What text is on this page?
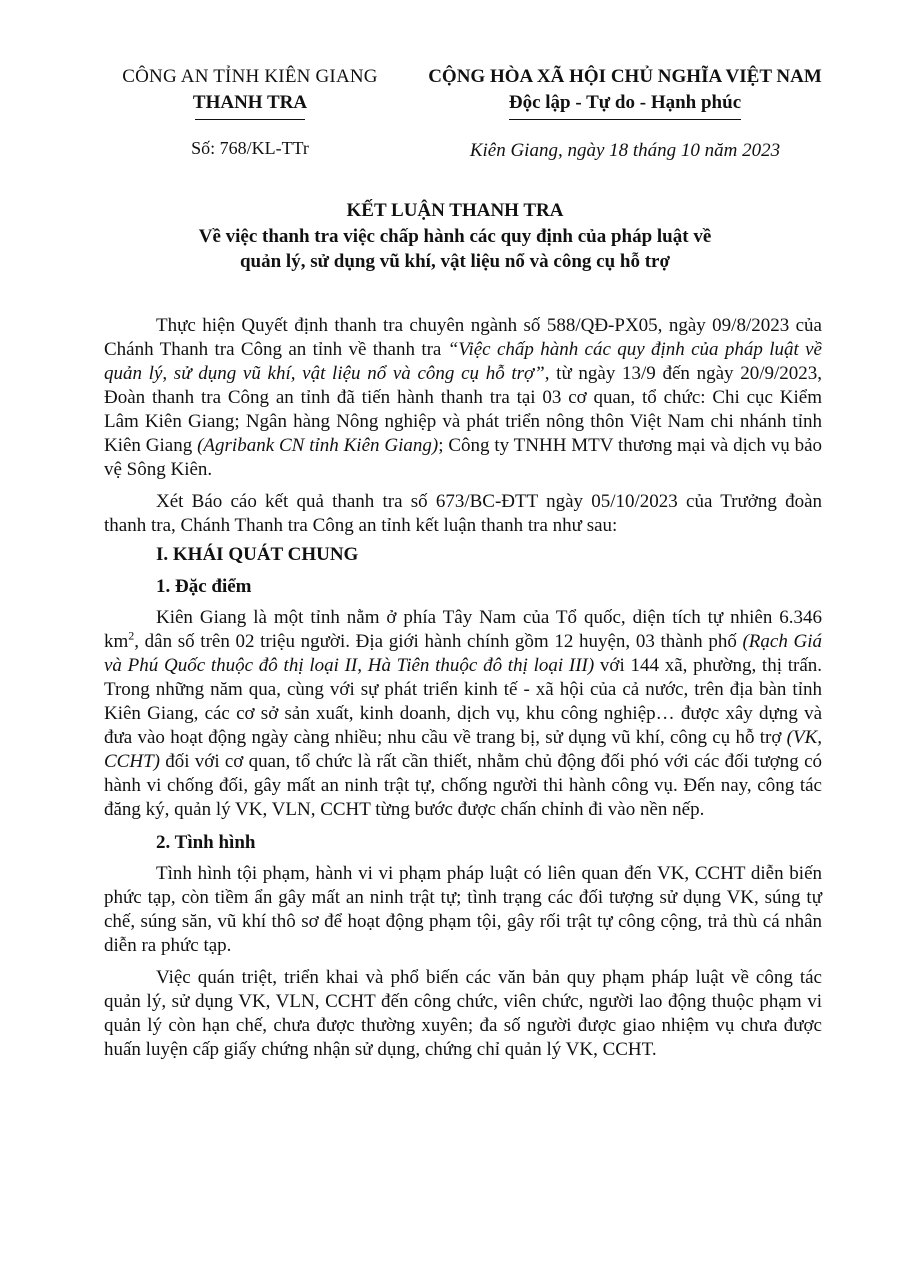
CÔNG AN TỈNH KIÊN GIANG
THANH TRA
CỘNG HÒA XÃ HỘI CHỦ NGHĨA VIỆT NAM
Độc lập - Tự do - Hạnh phúc
Số: 768/KL-TTr	Kiên Giang, ngày 18 tháng 10 năm 2023
KẾT LUẬN THANH TRA
Về việc thanh tra việc chấp hành các quy định của pháp luật về
quản lý, sử dụng vũ khí, vật liệu nổ và công cụ hỗ trợ

Thực hiện Quyết định thanh tra chuyên ngành số 588/QĐ-PX05, ngày 09/8/2023 của Chánh Thanh tra Công an tỉnh về thanh tra “Việc chấp hành các quy định của pháp luật về quản lý, sử dụng vũ khí, vật liệu nổ và công cụ hỗ trợ”, từ ngày 13/9 đến ngày 20/9/2023, Đoàn thanh tra Công an tỉnh đã tiến hành thanh tra tại 03 cơ quan, tổ chức: Chi cục Kiểm Lâm Kiên Giang; Ngân hàng Nông nghiệp và phát triển nông thôn Việt Nam chi nhánh tỉnh Kiên Giang (Agribank CN tỉnh Kiên Giang); Công ty TNHH MTV thương mại và dịch vụ bảo vệ Sông Kiên.

Xét Báo cáo kết quả thanh tra số 673/BC-ĐTT ngày 05/10/2023 của Trưởng đoàn thanh tra, Chánh Thanh tra Công an tỉnh kết luận thanh tra như sau:

I. KHÁI QUÁT CHUNG
1. Đặc điểm

Kiên Giang là một tỉnh nằm ở phía Tây Nam của Tổ quốc, diện tích tự nhiên 6.346 $km^2$, dân số trên 02 triệu người. Địa giới hành chính gồm 12 huyện, 03 thành phố (Rạch Giá và Phú Quốc thuộc đô thị loại II, Hà Tiên thuộc đô thị loại III) với 144 xã, phường, thị trấn. Trong những năm qua, cùng với sự phát triển kinh tế - xã hội của cả nước, trên địa bàn tỉnh Kiên Giang, các cơ sở sản xuất, kinh doanh, dịch vụ, khu công nghiệp… được xây dựng và đưa vào hoạt động ngày càng nhiều; nhu cầu về trang bị, sử dụng vũ khí, công cụ hỗ trợ (VK, CCHT) đối với cơ quan, tổ chức là rất cần thiết, nhằm chủ động đối phó với các đối tượng có hành vi chống đối, gây mất an ninh trật tự, chống người thi hành công vụ. Đến nay, công tác đăng ký, quản lý VK, VLN, CCHT từng bước được chấn chỉnh đi vào nền nếp.

2. Tình hình

Tình hình tội phạm, hành vi vi phạm pháp luật có liên quan đến VK, CCHT diễn biến phức tạp, còn tiềm ẩn gây mất an ninh trật tự; tình trạng các đối tượng sử dụng VK, súng tự chế, súng săn, vũ khí thô sơ để hoạt động phạm tội, gây rối trật tự công cộng, trả thù cá nhân diễn ra phức tạp.

Việc quán triệt, triển khai và phổ biến các văn bản quy phạm pháp luật về công tác quản lý, sử dụng VK, VLN, CCHT đến công chức, viên chức, người lao động thuộc phạm vi quản lý còn hạn chế, chưa được thường xuyên; đa số người được giao nhiệm vụ chưa được huấn luyện cấp giấy chứng nhận sử dụng, chứng chỉ quản lý VK, CCHT.
